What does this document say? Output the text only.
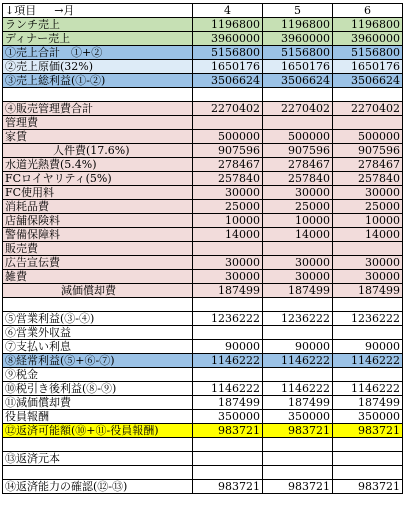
↓項目 →月	4	5	6
ランチ売上	1196800	1196800	1196800
ディナー売上	3960000	3960000	3960000
①売上合計　①+②	5156800	5156800	5156800
②売上原価(32%)	1650176	1650176	1650176
③売上総利益(①-②)	3506624	3506624	3506624

④販売管理費合計	2270402	2270402	2270402
管理費			
家賃	500000	500000	500000
人件費(17.6%)	907596	907596	907596
水道光熱費(5.4%)	278467	278467	278467
FCロイヤリティ(5%)	257840	257840	257840
FC使用料	30000	30000	30000
消耗品費	25000	25000	25000
店舗保険料	10000	10000	10000
警備保障料	14000	14000	14000
販売費			
広告宣伝費	30000	30000	30000
雑費	30000	30000	30000
減価償却費	187499	187499	187499

⑤営業利益(③-④)	1236222	1236222	1236222
⑥営業外収益			
⑦支払い利息	90000	90000	90000
⑧経常利益(⑤+⑥-⑦)	1146222	1146222	1146222
⑨税金			
⑩税引き後利益(⑧-⑨)	1146222	1146222	1146222
⑪減価償却費	187499	187499	187499
役員報酬	350000	350000	350000
⑫返済可能額(⑩+⑪-役員報酬)	983721	983721	983721

⑬返済元本			

⑭返済能力の確認(⑫-⑬)	983721	983721	983721
